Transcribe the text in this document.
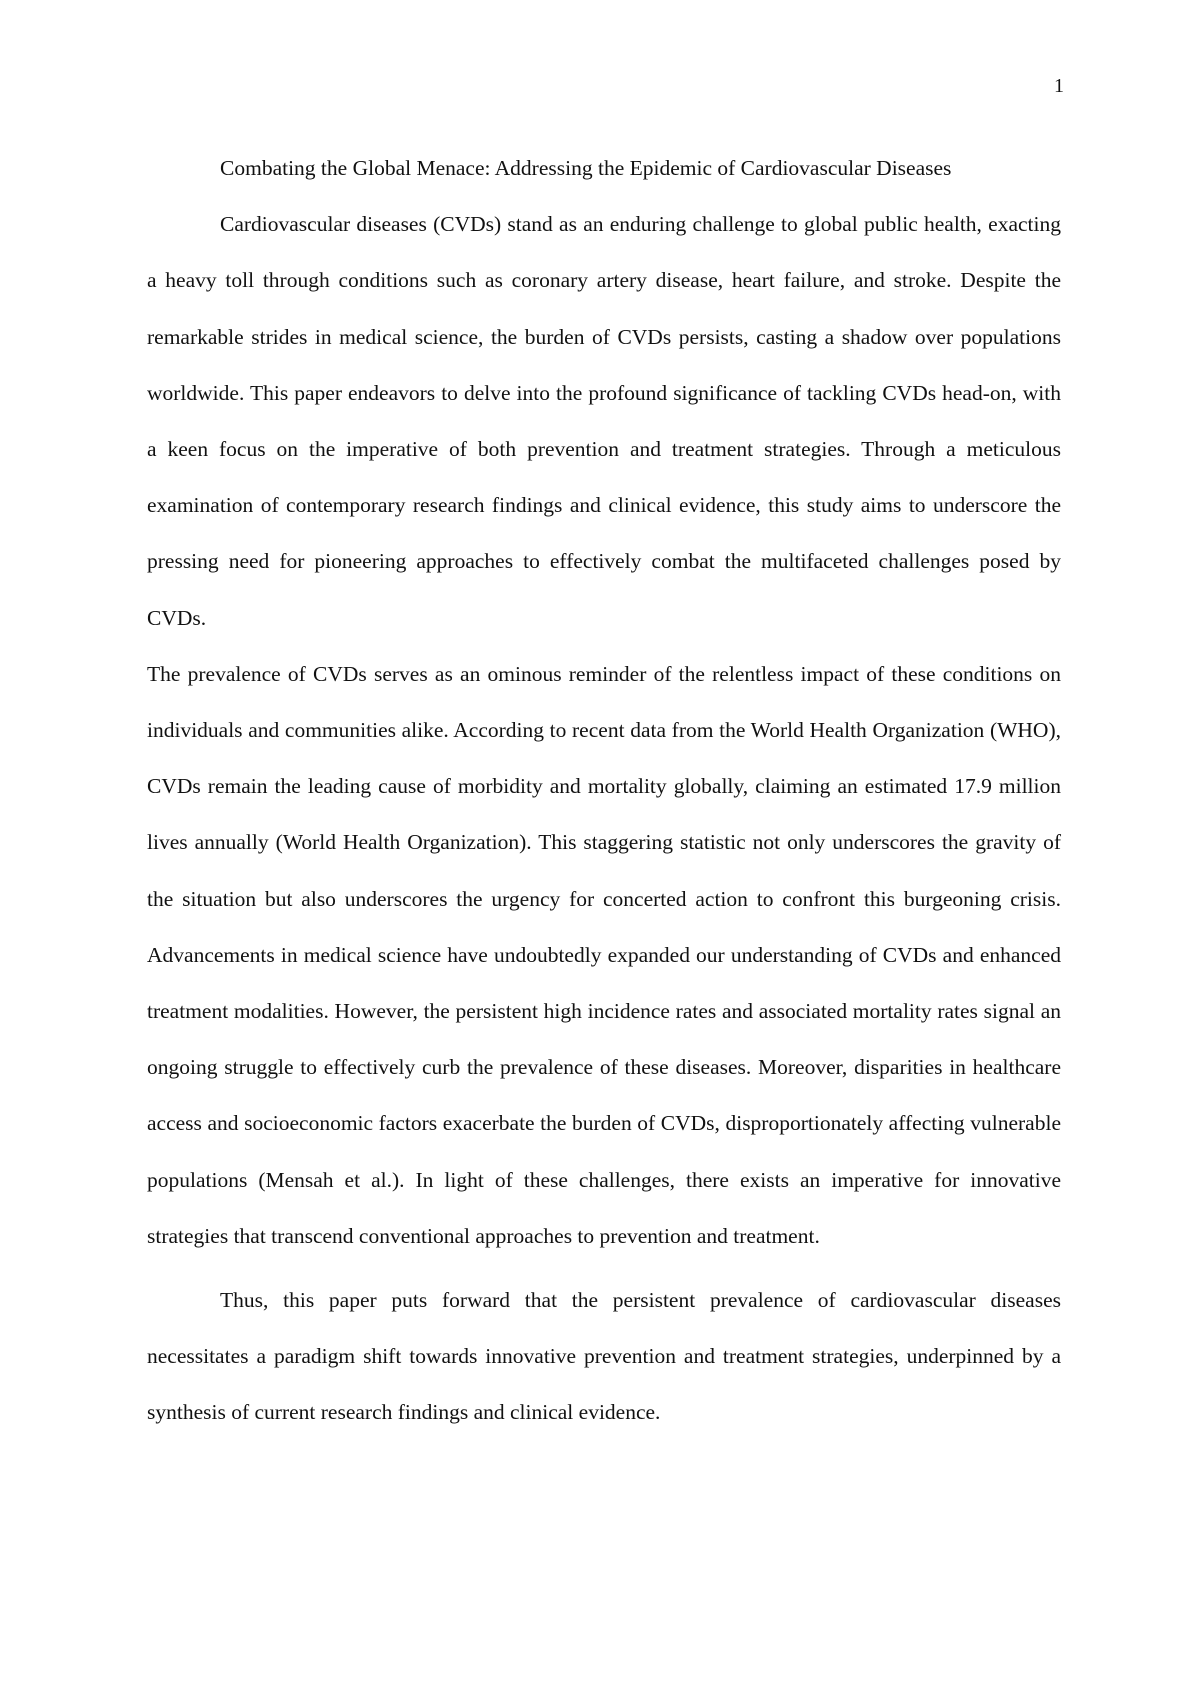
1
Combating the Global Menace: Addressing the Epidemic of Cardiovascular Diseases

Cardiovascular diseases (CVDs) stand as an enduring challenge to global public health, exacting a heavy toll through conditions such as coronary artery disease, heart failure, and stroke. Despite the remarkable strides in medical science, the burden of CVDs persists, casting a shadow over populations worldwide. This paper endeavors to delve into the profound significance of tackling CVDs head-on, with a keen focus on the imperative of both prevention and treatment strategies. Through a meticulous examination of contemporary research findings and clinical evidence, this study aims to underscore the pressing need for pioneering approaches to effectively combat the multifaceted challenges posed by CVDs.

The prevalence of CVDs serves as an ominous reminder of the relentless impact of these conditions on individuals and communities alike. According to recent data from the World Health Organization (WHO), CVDs remain the leading cause of morbidity and mortality globally, claiming an estimated 17.9 million lives annually (World Health Organization). This staggering statistic not only underscores the gravity of the situation but also underscores the urgency for concerted action to confront this burgeoning crisis. Advancements in medical science have undoubtedly expanded our understanding of CVDs and enhanced treatment modalities. However, the persistent high incidence rates and associated mortality rates signal an ongoing struggle to effectively curb the prevalence of these diseases. Moreover, disparities in healthcare access and socioeconomic factors exacerbate the burden of CVDs, disproportionately affecting vulnerable populations (Mensah et al.). In light of these challenges, there exists an imperative for innovative strategies that transcend conventional approaches to prevention and treatment.

Thus, this paper puts forward that the persistent prevalence of cardiovascular diseases necessitates a paradigm shift towards innovative prevention and treatment strategies, underpinned by a synthesis of current research findings and clinical evidence.
